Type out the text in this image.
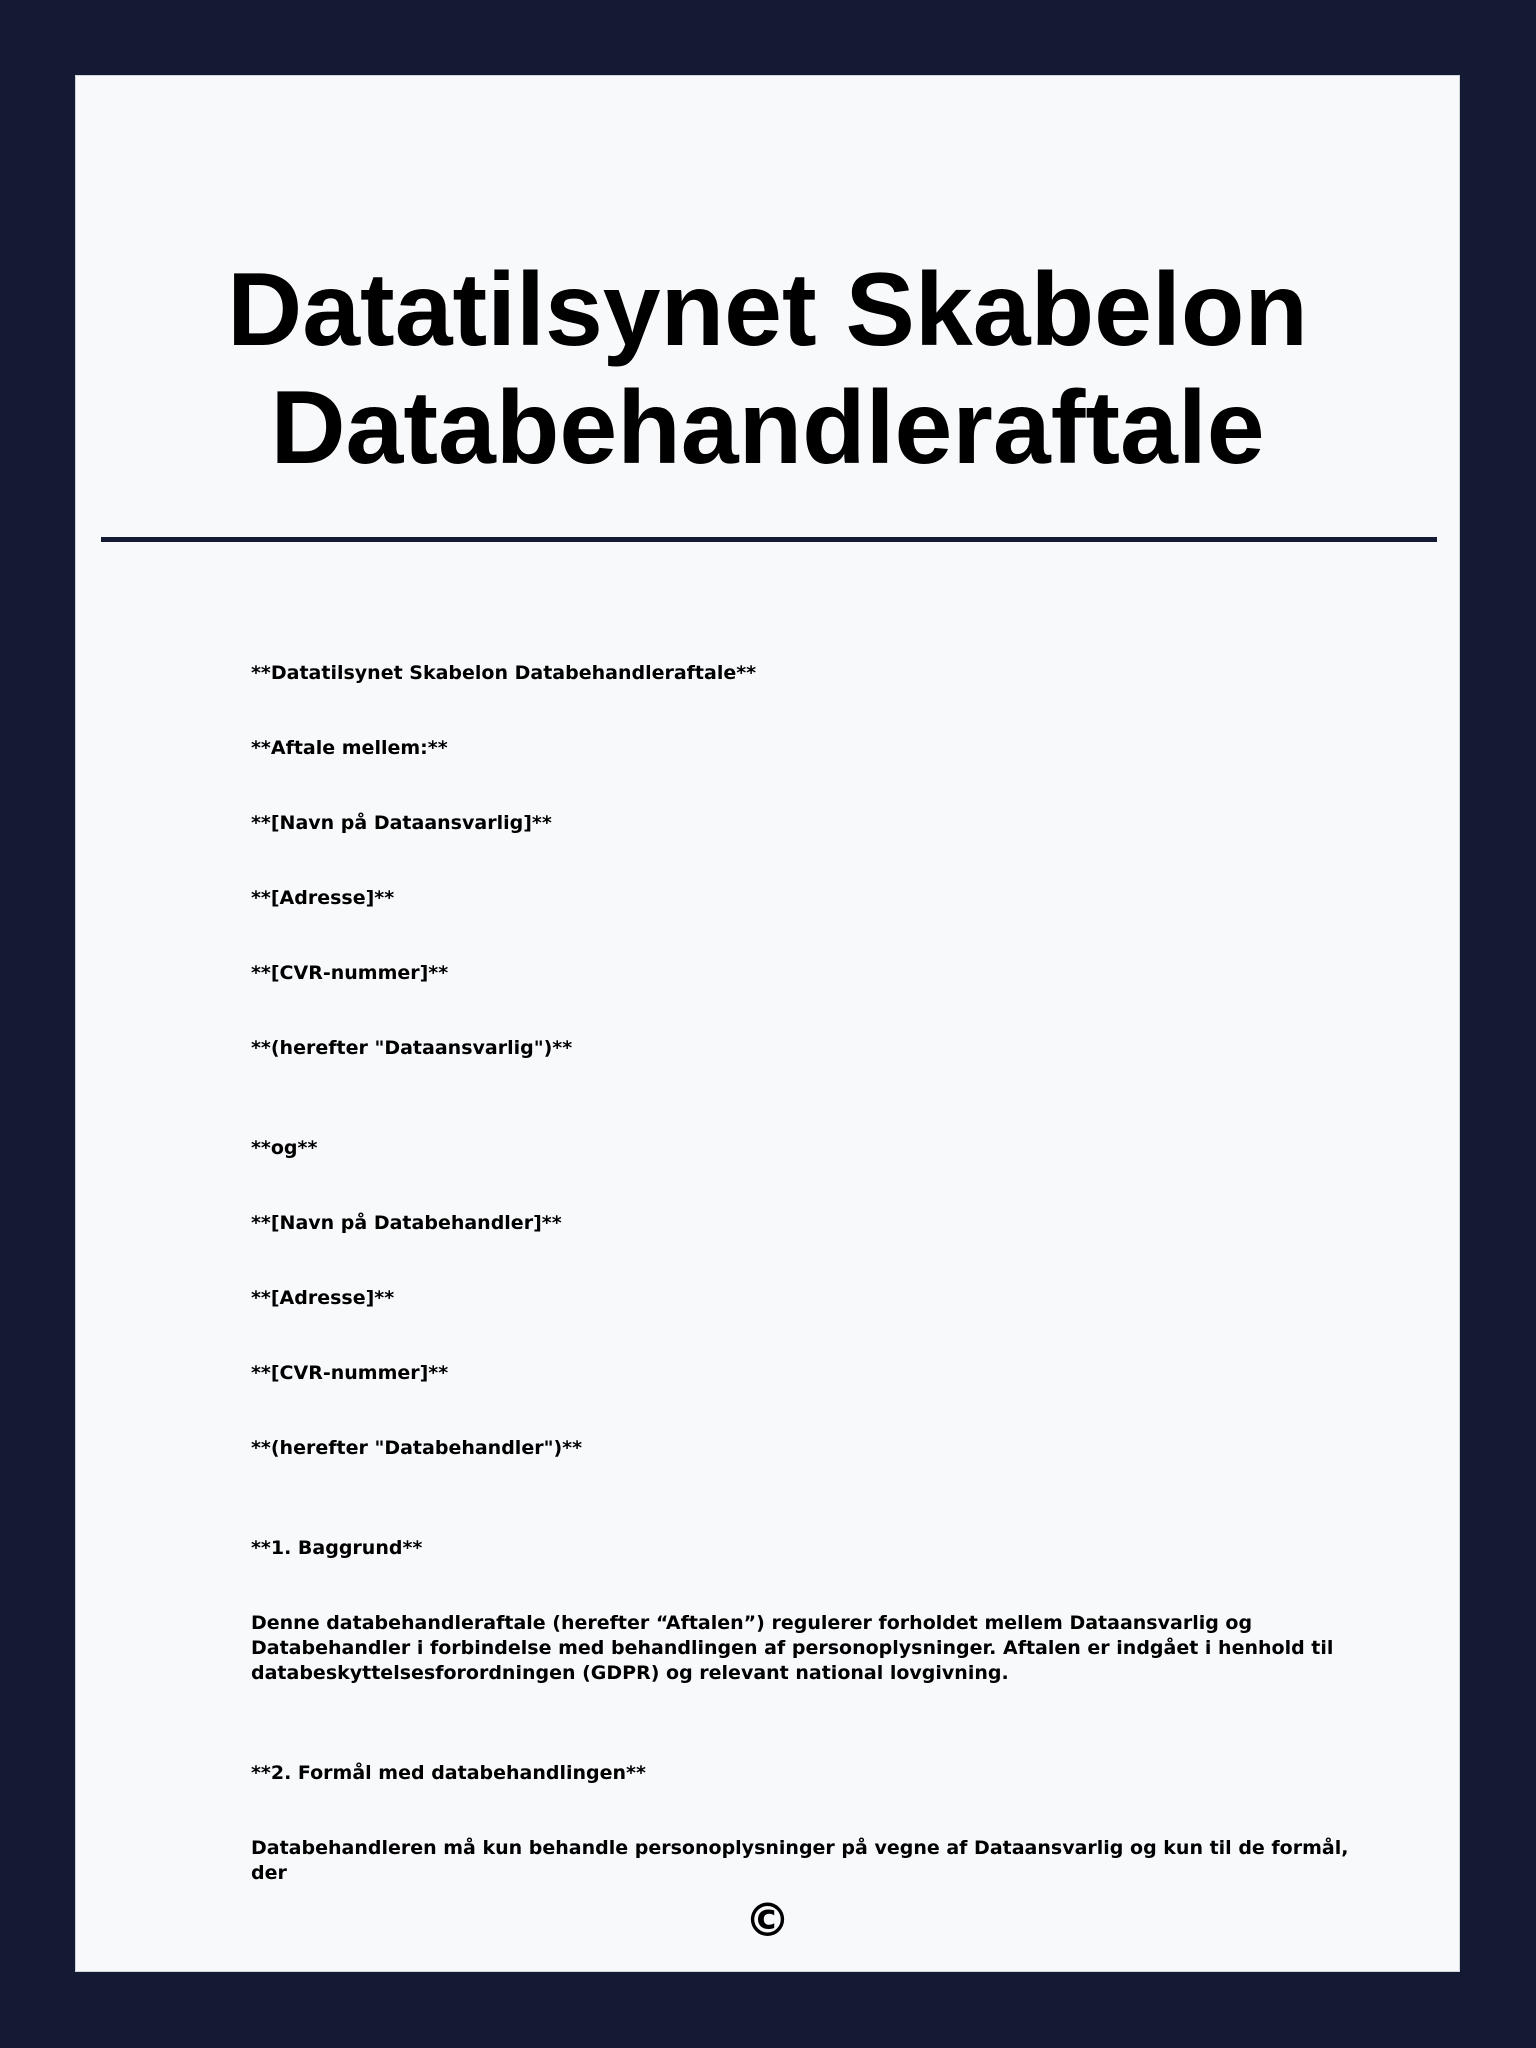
Datatilsynet Skabelon
Databehandleraftale

**Datatilsynet Skabelon Databehandleraftale**

**Aftale mellem:**

**[Navn på Dataansvarlig]**

**[Adresse]**

**[CVR-nummer]**

**(herefter "Dataansvarlig")**

**og**

**[Navn på Databehandler]**

**[Adresse]**

**[CVR-nummer]**

**(herefter "Databehandler")**

**1. Baggrund**

Denne databehandleraftale (herefter “Aftalen”) regulerer forholdet mellem Dataansvarlig og Databehandler i forbindelse med behandlingen af personoplysninger. Aftalen er indgået i henhold til databeskyttelsesforordningen (GDPR) og relevant national lovgivning.

**2. Formål med databehandlingen**

Databehandleren må kun behandle personoplysninger på vegne af Dataansvarlig og kun til de formål, der

©
